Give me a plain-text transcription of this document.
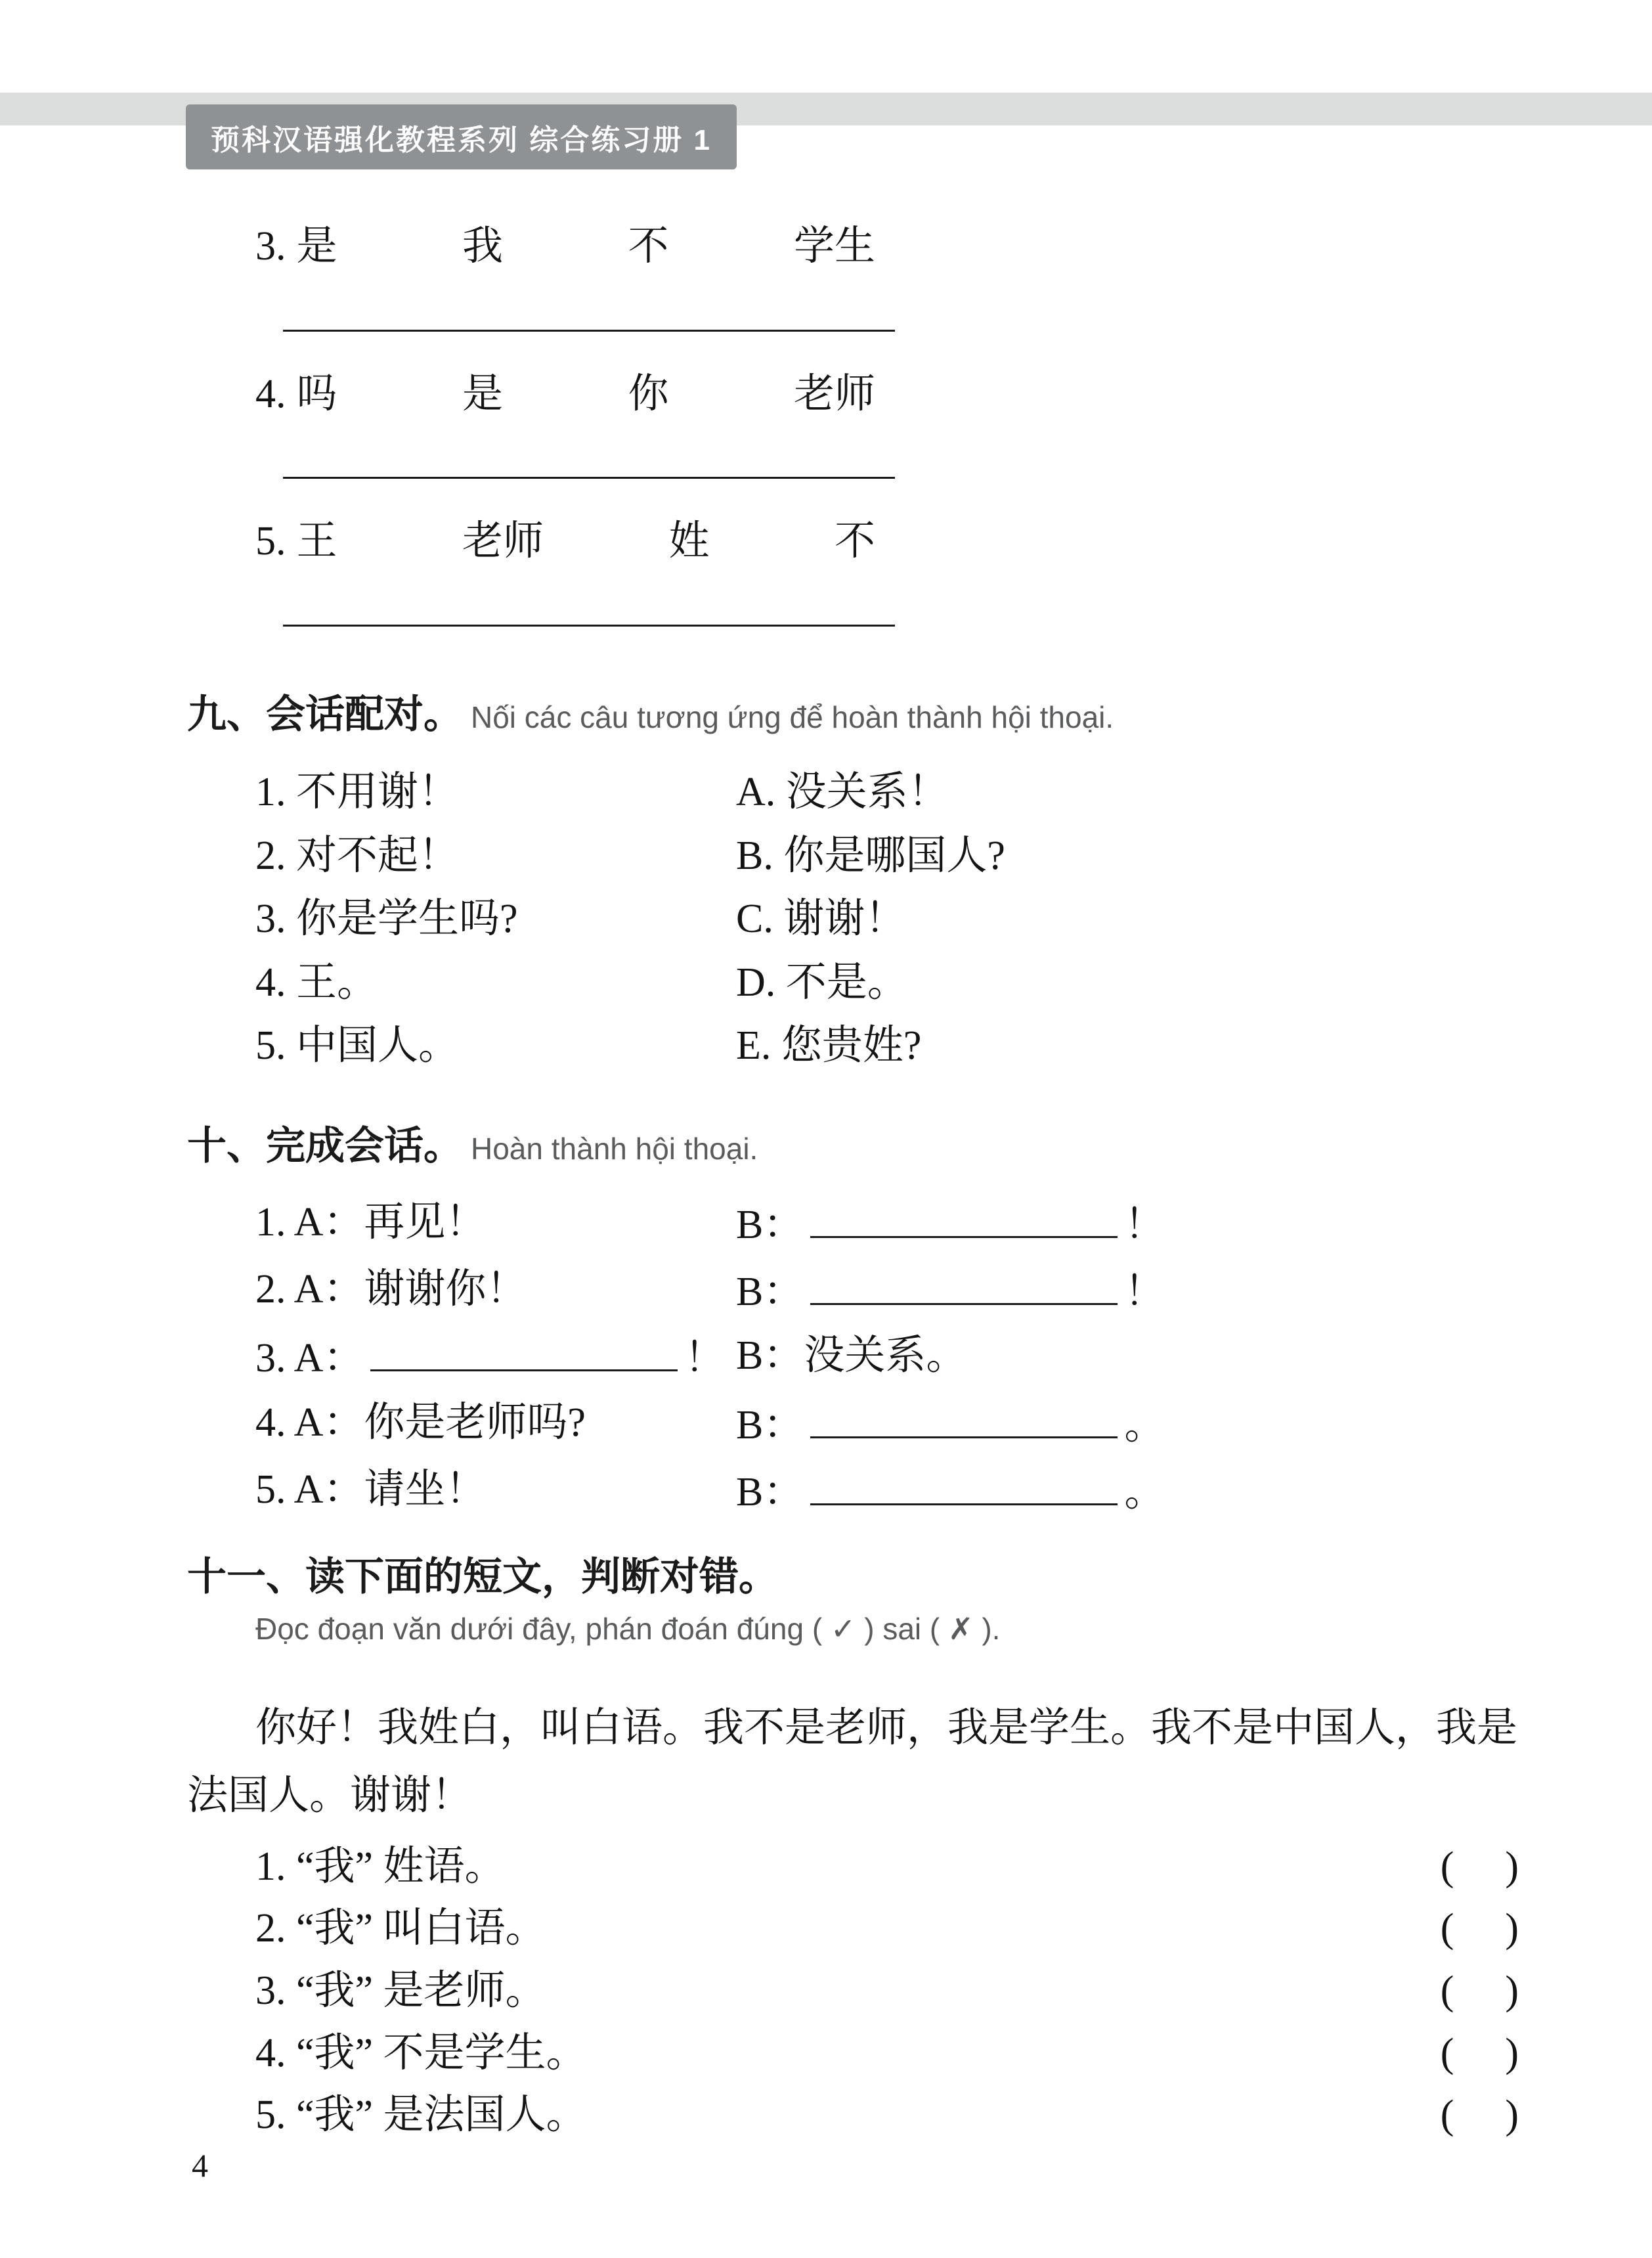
预科汉语强化教程系列 综合练习册 1
3. 是   我   不   学生
4. 吗   是   你   老师
5. 王   老师   姓   不
九、会话配对。 Nối các câu tương ứng để hoàn thành hội thoại.
1. 不用谢！	A. 没关系！
2. 对不起！	B. 你是哪国人?
3. 你是学生吗?	C. 谢谢！
4. 王。	D. 不是。
5. 中国人。	E. 您贵姓?
十、完成会话。 Hoàn thành hội thoại.
1. A：再见！	B：	！
2. A：谢谢你！	B：	！
3. A：	！ B：没关系。
4. A：你是老师吗?	B：	。
5. A：请坐！	B：	。
十一、读下面的短文，判断对错。
Đọc đoạn văn dưới đây, phán đoán đúng ( ✓ ) sai ( ✗ ).
你好！我姓白，叫白语。我不是老师，我是学生。我不是中国人，我是法国人。谢谢！
1. “我” 姓语。	( )
2. “我” 叫白语。	( )
3. “我” 是老师。	( )
4. “我” 不是学生。	( )
5. “我” 是法国人。	( )
4
